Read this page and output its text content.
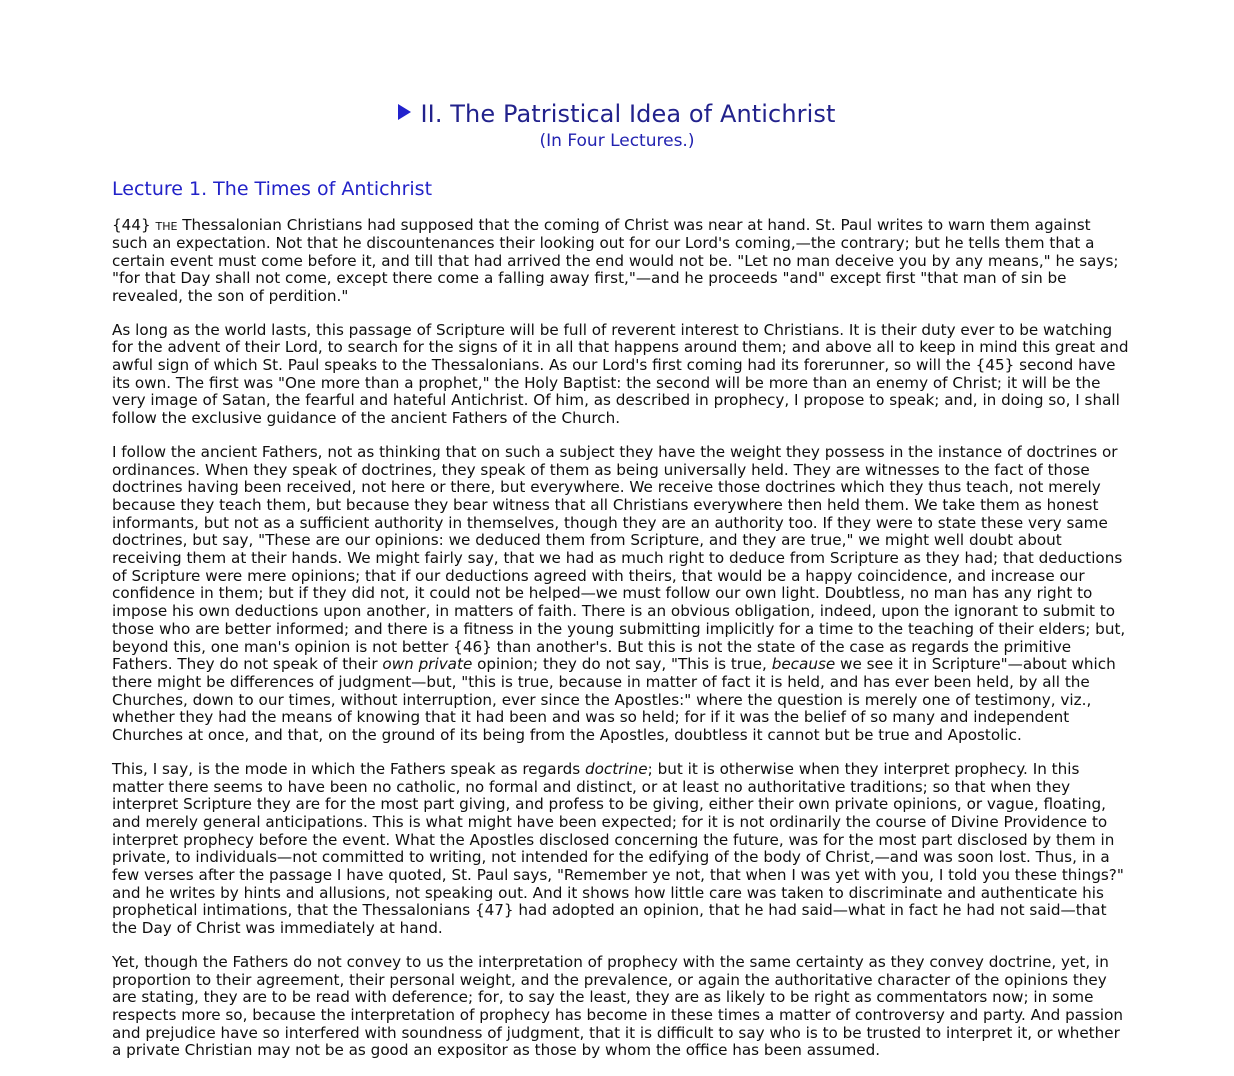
II. The Patristical Idea of Antichrist
(In Four Lectures.)
Lecture 1. The Times of Antichrist

{44} the Thessalonian Christians had supposed that the coming of Christ was near at hand. St. Paul writes to warn them against such an expectation. Not that he discountenances their looking out for our Lord's coming,—the contrary; but he tells them that a certain event must come before it, and till that had arrived the end would not be. "Let no man deceive you by any means," he says; "for that Day shall not come, except there come a falling away first,"—and he proceeds "and" except first "that man of sin be revealed, the son of perdition."

As long as the world lasts, this passage of Scripture will be full of reverent interest to Christians. It is their duty ever to be watching for the advent of their Lord, to search for the signs of it in all that happens around them; and above all to keep in mind this great and awful sign of which St. Paul speaks to the Thessalonians. As our Lord's first coming had its forerunner, so will the {45} second have its own. The first was "One more than a prophet," the Holy Baptist: the second will be more than an enemy of Christ; it will be the very image of Satan, the fearful and hateful Antichrist. Of him, as described in prophecy, I propose to speak; and, in doing so, I shall follow the exclusive guidance of the ancient Fathers of the Church.

I follow the ancient Fathers, not as thinking that on such a subject they have the weight they possess in the instance of doctrines or ordinances. When they speak of doctrines, they speak of them as being universally held. They are witnesses to the fact of those doctrines having been received, not here or there, but everywhere. We receive those doctrines which they thus teach, not merely because they teach them, but because they bear witness that all Christians everywhere then held them. We take them as honest informants, but not as a sufficient authority in themselves, though they are an authority too. If they were to state these very same doctrines, but say, "These are our opinions: we deduced them from Scripture, and they are true," we might well doubt about receiving them at their hands. We might fairly say, that we had as much right to deduce from Scripture as they had; that deductions of Scripture were mere opinions; that if our deductions agreed with theirs, that would be a happy coincidence, and increase our confidence in them; but if they did not, it could not be helped—we must follow our own light. Doubtless, no man has any right to impose his own deductions upon another, in matters of faith. There is an obvious obligation, indeed, upon the ignorant to submit to those who are better informed; and there is a fitness in the young submitting implicitly for a time to the teaching of their elders; but, beyond this, one man's opinion is not better {46} than another's. But this is not the state of the case as regards the primitive Fathers. They do not speak of their own private opinion; they do not say, "This is true, because we see it in Scripture"—about which there might be differences of judgment—but, "this is true, because in matter of fact it is held, and has ever been held, by all the Churches, down to our times, without interruption, ever since the Apostles:" where the question is merely one of testimony, viz., whether they had the means of knowing that it had been and was so held; for if it was the belief of so many and independent Churches at once, and that, on the ground of its being from the Apostles, doubtless it cannot but be true and Apostolic.

This, I say, is the mode in which the Fathers speak as regards doctrine; but it is otherwise when they interpret prophecy. In this matter there seems to have been no catholic, no formal and distinct, or at least no authoritative traditions; so that when they interpret Scripture they are for the most part giving, and profess to be giving, either their own private opinions, or vague, floating, and merely general anticipations. This is what might have been expected; for it is not ordinarily the course of Divine Providence to interpret prophecy before the event. What the Apostles disclosed concerning the future, was for the most part disclosed by them in private, to individuals—not committed to writing, not intended for the edifying of the body of Christ,—and was soon lost. Thus, in a few verses after the passage I have quoted, St. Paul says, "Remember ye not, that when I was yet with you, I told you these things?" and he writes by hints and allusions, not speaking out. And it shows how little care was taken to discriminate and authenticate his prophetical intimations, that the Thessalonians {47} had adopted an opinion, that he had said—what in fact he had not said—that the Day of Christ was immediately at hand.

Yet, though the Fathers do not convey to us the interpretation of prophecy with the same certainty as they convey doctrine, yet, in proportion to their agreement, their personal weight, and the prevalence, or again the authoritative character of the opinions they are stating, they are to be read with deference; for, to say the least, they are as likely to be right as commentators now; in some respects more so, because the interpretation of prophecy has become in these times a matter of controversy and party. And passion and prejudice have so interfered with soundness of judgment, that it is difficult to say who is to be trusted to interpret it, or whether a private Christian may not be as good an expositor as those by whom the office has been assumed.
